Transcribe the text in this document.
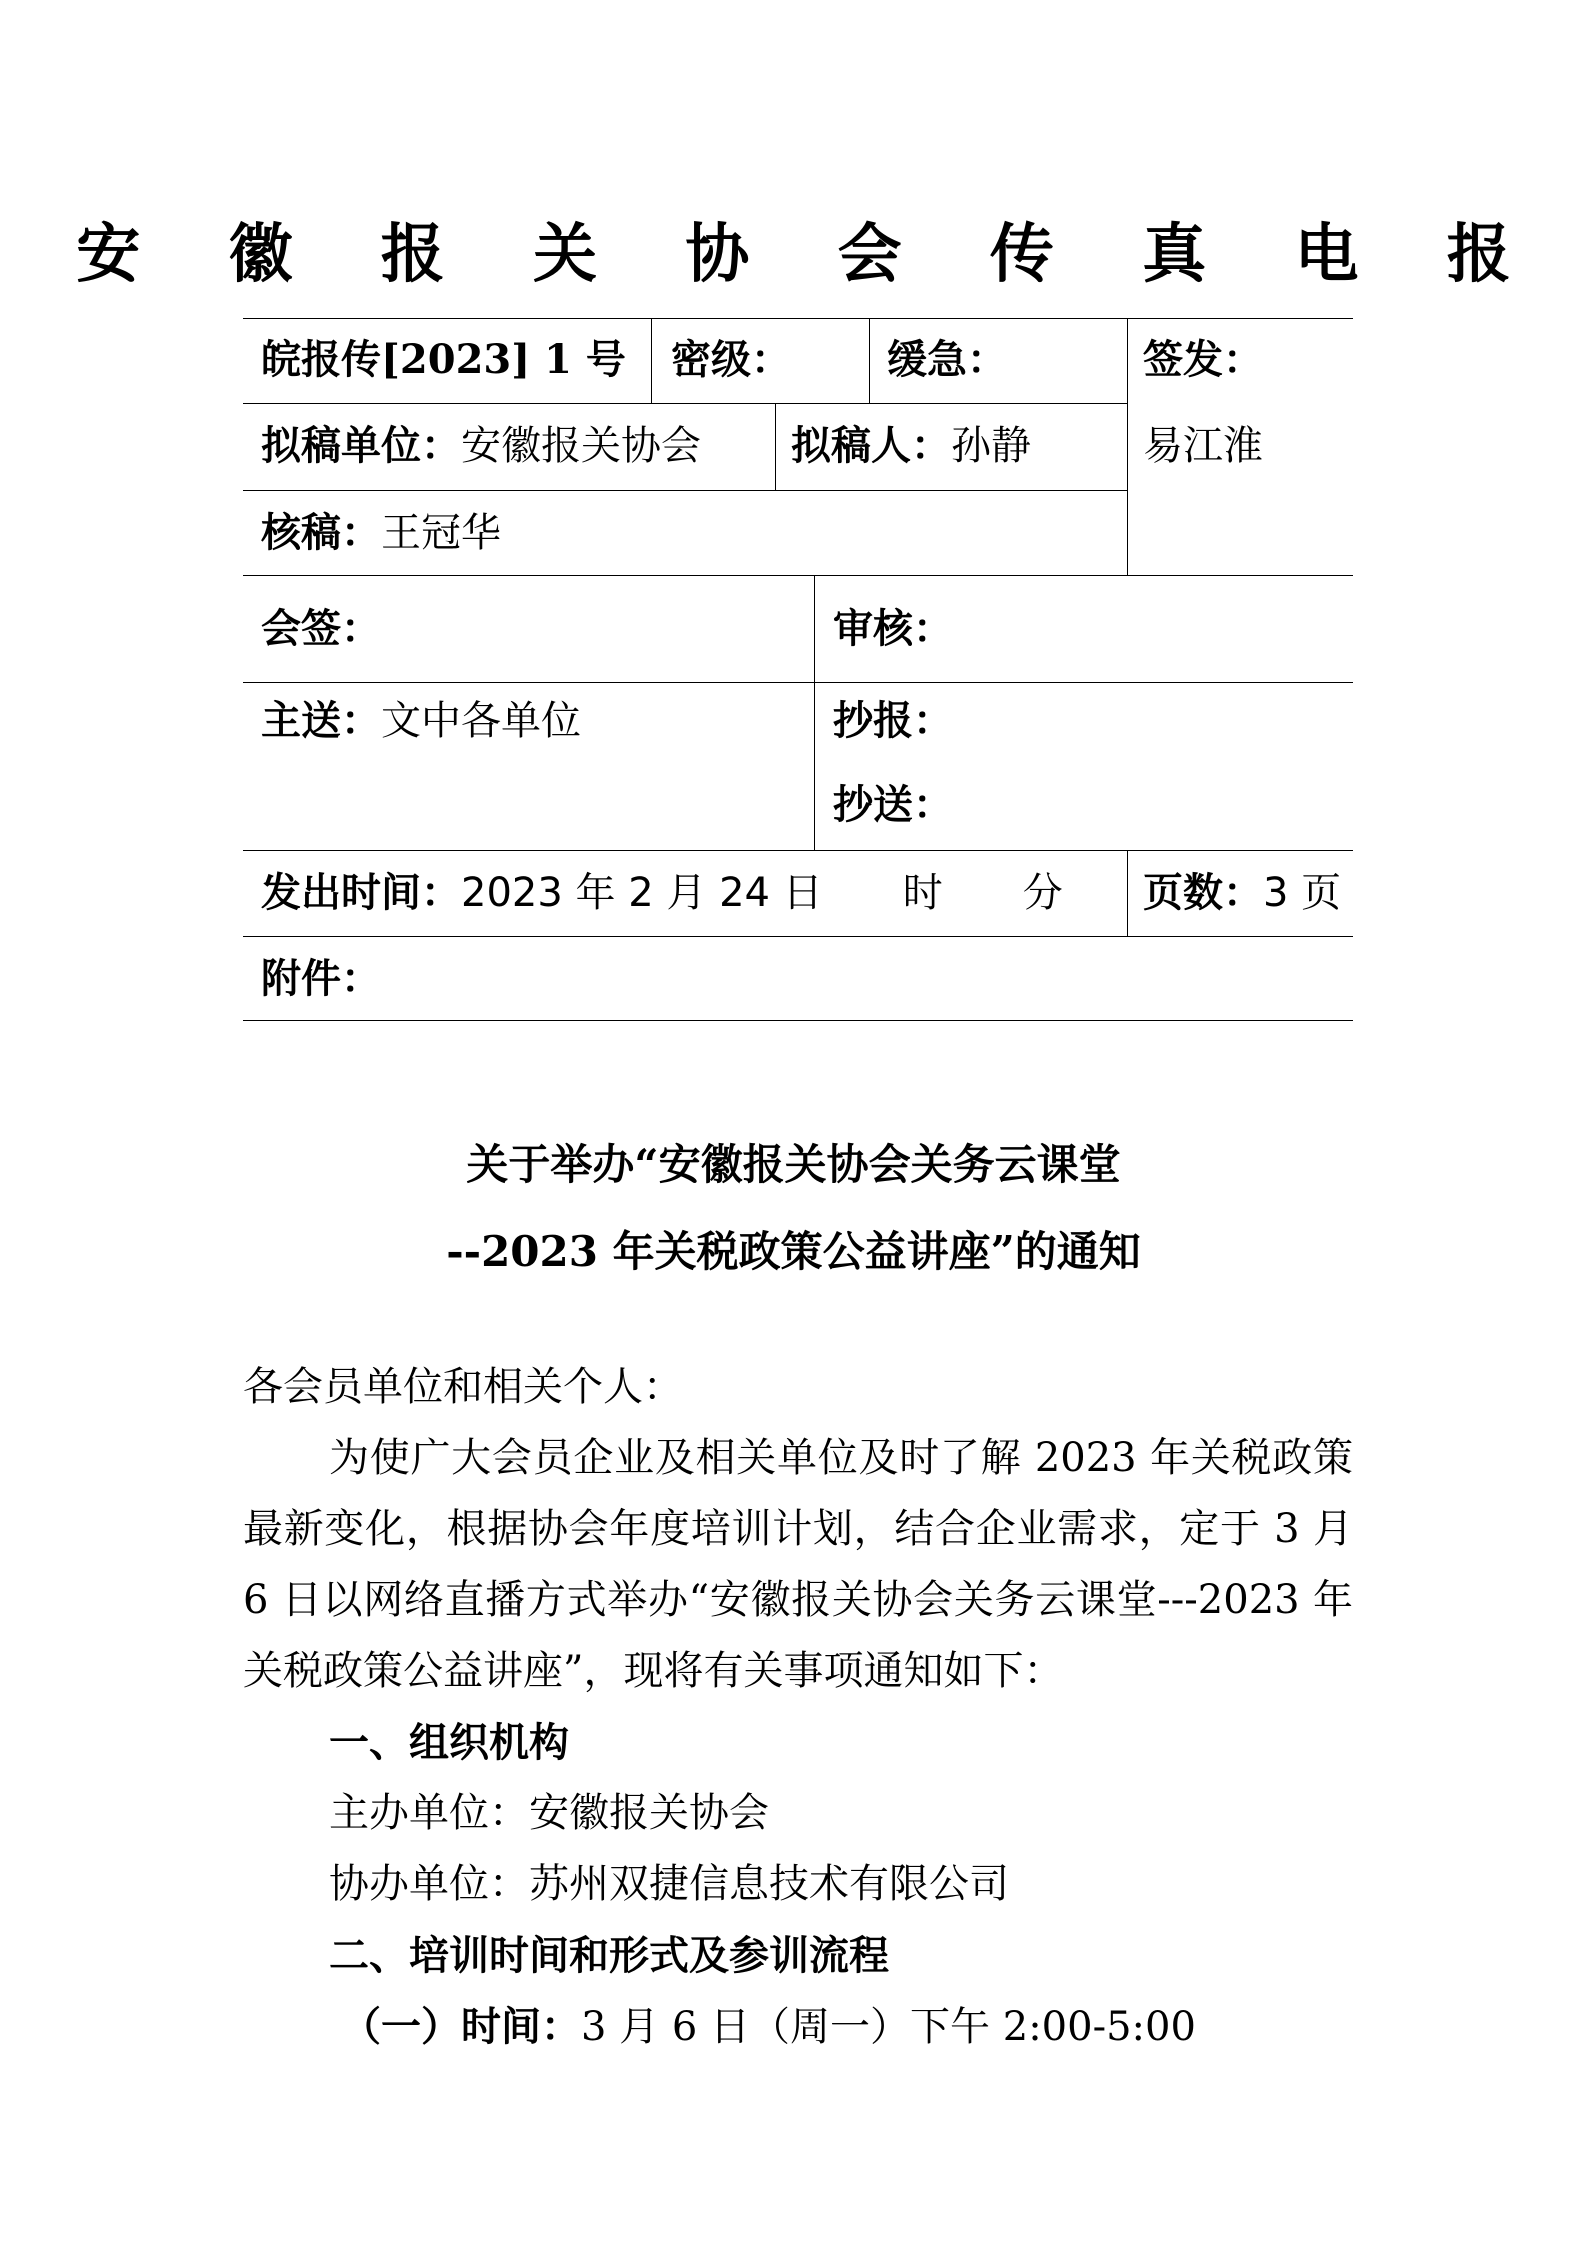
安 徽 报 关 协 会 传 真 电 报
皖报传[2023] 1 号 密级： 缓急：	签发：
易江淮
拟稿单位：安徽报关协会 拟稿人：孙静
核稿：王冠华
会签：	审核：
主送：文中各单位	抄报：
抄送：
发出时间：2023 年 2 月 24 日　　时　　分 页数：3 页
附件：
关于举办“安徽报关协会关务云课堂
--2023 年关税政策公益讲座”的通知

各会员单位和相关个人：

为使广大会员企业及相关单位及时了解 2023 年关税政策最新变化，根据协会年度培训计划，结合企业需求，定于 3 月 6 日以网络直播方式举办“安徽报关协会关务云课堂---2023 年关税政策公益讲座”，现将有关事项通知如下：

一、组织机构

主办单位：安徽报关协会

协办单位：苏州双捷信息技术有限公司

二、培训时间和形式及参训流程

（一）时间：3 月 6 日（周一）下午 2:00-5:00
